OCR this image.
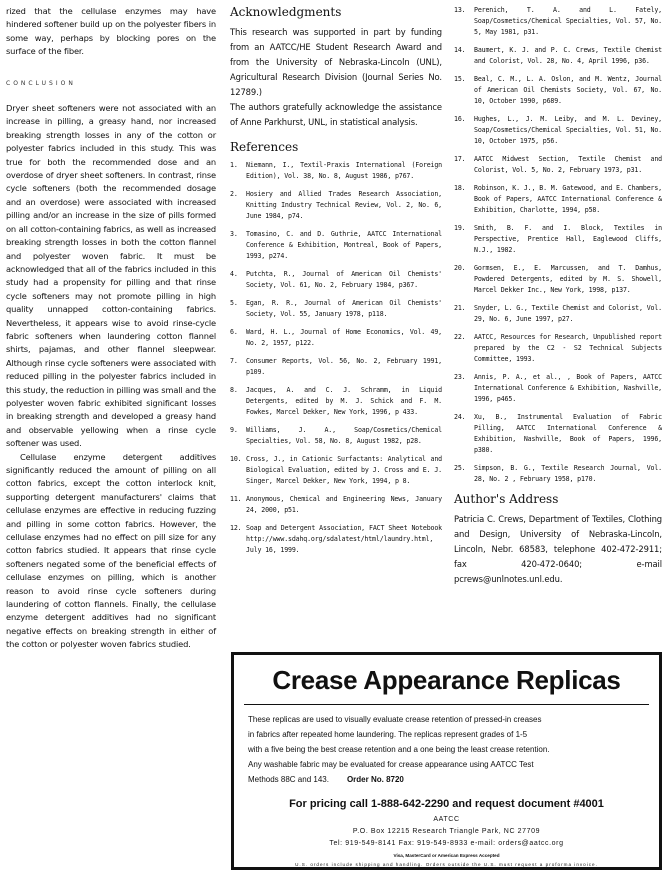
rized that the cellulase enzymes may have hindered softener build up on the polyester fibers in some way, perhaps by blocking pores on the surface of the fiber.

CONCLUSION

Dryer sheet softeners were not associated with an increase in pilling, a greasy hand, nor increased breaking strength losses in any of the cotton or polyester fabrics included in this study. This was true for both the recommended dose and an overdose of dryer sheet softeners. In contrast, rinse cycle softeners (both the recommended dosage and an overdose) were associated with increased pilling and/or an increase in the size of pills formed on all cotton-containing fabrics, as well as increased breaking strength losses in both the cotton flannel and polyester woven fabric. It must be acknowledged that all of the fabrics included in this study had a propensity for pilling and that rinse cycle softeners may not promote pilling in high quality unnapped cotton-containing fabrics. Nevertheless, it appears wise to avoid rinse-cycle fabric softeners when laundering cotton flannel shirts, pajamas, and other flannel sleepwear. Although rinse cycle softeners were associated with reduced pilling in the polyester fabrics included in this study, the reduction in pilling was small and the polyester woven fabric exhibited significant losses in breaking strength and developed a greasy hand and observable yellowing when a rinse cycle softener was used.

Cellulase enzyme detergent additives significantly reduced the amount of pilling on all cotton fabrics, except the cotton interlock knit, supporting detergent manufacturers' claims that cellulase enzymes are effective in reducing fuzzing and pilling in some cotton fabrics. However, the cellulase enzymes had no effect on pill size for any cotton fabrics studied. It appears that rinse cycle softeners negated some of the beneficial effects of cellulase enzymes on pilling, which is another reason to avoid rinse cycle softeners during laundering of cotton flannels. Finally, the cellulase enzyme detergent additives had no significant negative effects on breaking strength in either of the cotton or polyester woven fabrics studied.

Acknowledgments

This research was supported in part by funding from an AATCC/HE Student Research Award and from the University of Nebraska-Lincoln (UNL), Agricultural Research Division (Journal Series No. 12789.)

The authors gratefully acknowledge the assistance of Anne Parkhurst, UNL, in statistical analysis.

References
1. Niemann, I., Textil-Praxis International (Foreign Edition), Vol. 38, No. 8, August 1986, p767.
2. Hosiery and Allied Trades Research Association, Knitting Industry Technical Review, Vol. 2, No. 6, June 1984, p74.
3. Tomasino, C. and D. Guthrie, AATCC International Conference & Exhibition, Montreal, Book of Papers, 1993, p274.
4. Putchta, R., Journal of American Oil Chemists' Society, Vol. 61, No. 2, February 1984, p367.
5. Egan, R. R., Journal of American Oil Chemists' Society, Vol. 55, January 1978, p118.
6. Ward, H. L., Journal of Home Economics, Vol. 49, No. 2, 1957, p122.
7. Consumer Reports, Vol. 56, No. 2, February 1991, p109.
8. Jacques, A. and C. J. Schramm, in Liquid Detergents, edited by M. J. Schick and F. M. Fowkes, Marcel Dekker, New York, 1996, p 433.
9. Williams, J. A., Soap/Cosmetics/Chemical Specialties, Vol. 58, No. 8, August 1982, p28.
10. Cross, J., in Cationic Surfactants: Analytical and Biological Evaluation, edited by J. Cross and E. J. Singer, Marcel Dekker, New York, 1994, p 8.
11. Anonymous, Chemical and Engineering News, January 24, 2000, p51.
12. Soap and Detergent Association, FACT Sheet Notebook http://www.sdahq.org/sdalatest/html/laundry.html, July 16, 1999.
13. Perenich, T. A. and L. Fately, Soap/Cosmetics/Chemical Specialties, Vol. 57, No. 5, May 1981, p31.
14. Baumert, K. J. and P. C. Crews, Textile Chemist and Colorist, Vol. 28, No. 4, April 1996, p36.
15. Beal, C. M., L. A. Oslon, and M. Wentz, Journal of American Oil Chemists Society, Vol. 67, No. 10, October 1990, p689.
16. Hughes, L., J. M. Leiby, and M. L. Deviney, Soap/Cosmetics/Chemical Specialties, Vol. 51, No. 10, October 1975, p56.
17. AATCC Midwest Section, Textile Chemist and Colorist, Vol. 5, No. 2, February 1973, p31.
18. Robinson, K. J., B. M. Gatewood, and E. Chambers, Book of Papers, AATCC International Conference & Exhibition, Charlotte, 1994, p58.
19. Smith, B. F. and I. Block, Textiles in Perspective, Prentice Hall, Eaglewood Cliffs, N.J., 1982.
20. Gormsen, E., E. Marcussen, and T. Damhus, Powdered Detergents, edited by M. S. Showell, Marcel Dekker Inc., New York, 1998, p137.
21. Snyder, L. G., Textile Chemist and Colorist, Vol. 29, No. 6, June 1997, p27.
22. AATCC, Resources for Research, Unpublished report prepared by the C2 - S2 Technical Subjects Committee, 1993.
23. Annis, P. A., et al., , Book of Papers, AATCC International Conference & Exhibition, Nashville, 1996, p465.
24. Xu, B., Instrumental Evaluation of Fabric Pilling, AATCC International Conference & Exhibition, Nashville, Book of Papers, 1996, p380.
25. Simpson, B. G., Textile Research Journal, Vol. 28, No. 2 , February 1958, p170.
Author's Address

Patricia C. Crews, Department of Textiles, Clothing and Design, University of Nebraska-Lincoln, Lincoln, Nebr. 68583, telephone 402-472-2911; fax 420-472-0640; e-mail pcrews@unlnotes.unl.edu.

Crease Appearance Replicas
These replicas are used to visually evaluate crease retention of pressed-in creases
in fabrics after repeated home laundering. The replicas represent grades of 1-5
with a five being the best crease retention and a one being the least crease retention.
Any washable fabric may be evaluated for crease appearance using AATCC Test
Methods 88C and 143. Order No. 8720
For pricing call 1-888-642-2290 and request document #4001
AATCC
P.O. Box 12215 Research Triangle Park, NC 27709
Tel: 919-549-8141 Fax: 919-549-8933 e-mail: orders@aatcc.org
Visa, MasterCard or American Express Accepted
U.S. orders include shipping and handling. Orders outside the U.S. must request a proforma invoice.
